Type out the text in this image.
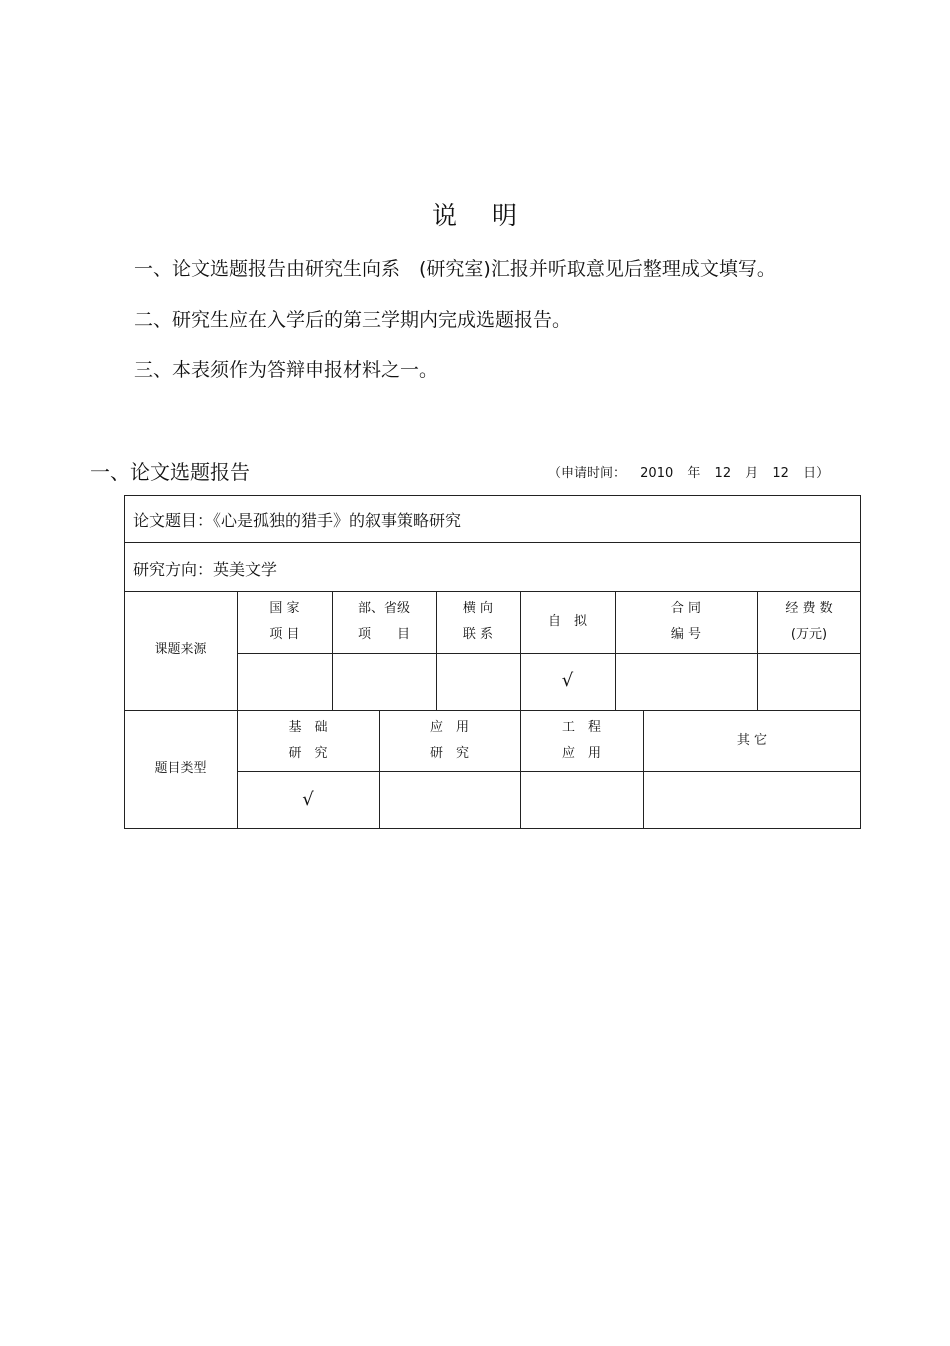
说 明
一、论文选题报告由研究生向系　(研究室)汇报并听取意见后整理成文填写。
二、研究生应在入学后的第三学期内完成选题报告。
三、本表须作为答辩申报材料之一。
一、论文选题报告	（申请时间： 2010 年 12 月 12 日）
论文题目：《心是孤独的猎手》的叙事策略研究
研究方向：英美文学
课题来源
国 家
项 目
部、省级
项　　目
横 向
联 系
自　拟
合 同
编 号
经 费 数
(万元)
√
题目类型
基　础
研　究
应　用
研　究
工　程
应　用
其 它
√
